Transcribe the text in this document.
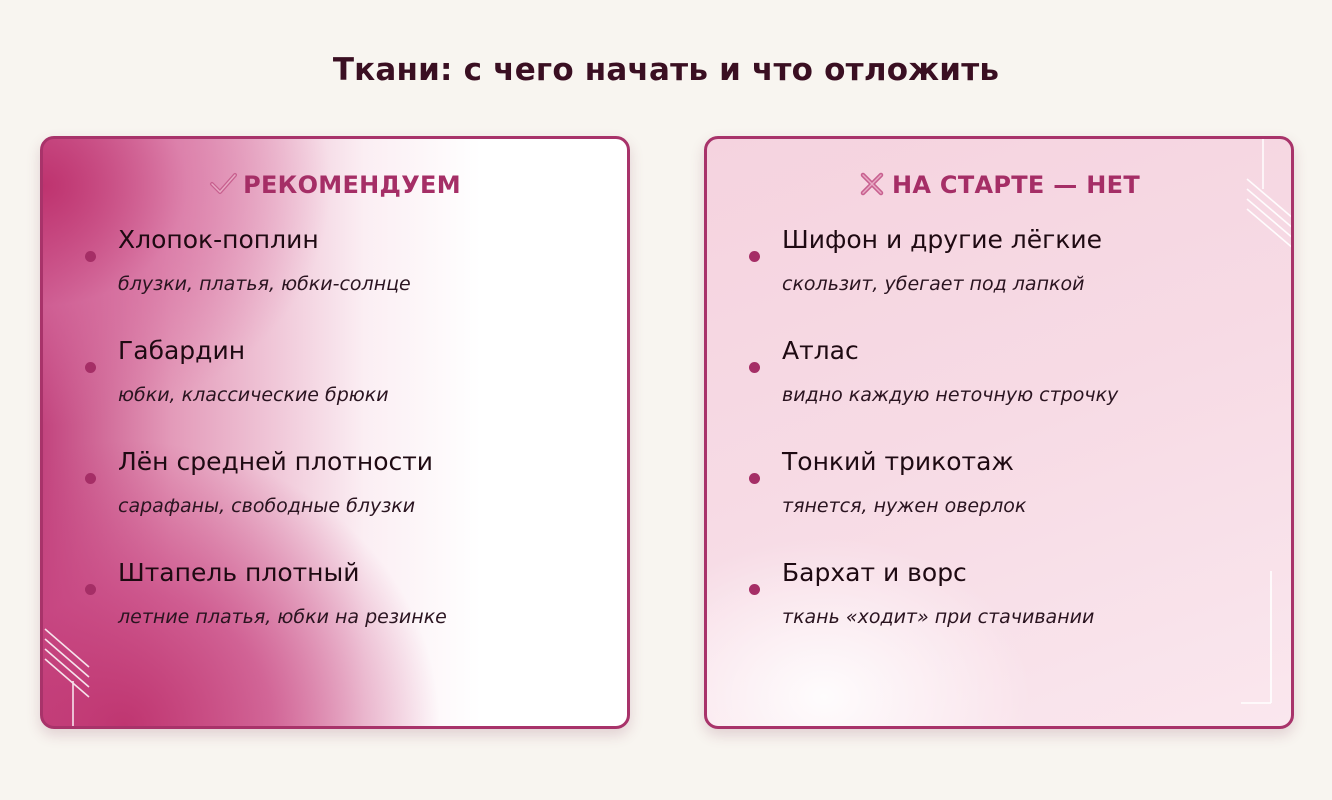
Ткани: с чего начать и что отложить
РЕКОМЕНДУЕМ
Хлопок-поплин
блузки, платья, юбки-солнце
Габардин
юбки, классические брюки
Лён средней плотности
сарафаны, свободные блузки
Штапель плотный
летние платья, юбки на резинке
НА СТАРТЕ — НЕТ
Шифон и другие лёгкие
скользит, убегает под лапкой
Атлас
видно каждую неточную строчку
Тонкий трикотаж
тянется, нужен оверлок
Бархат и ворс
ткань «ходит» при стачивании
